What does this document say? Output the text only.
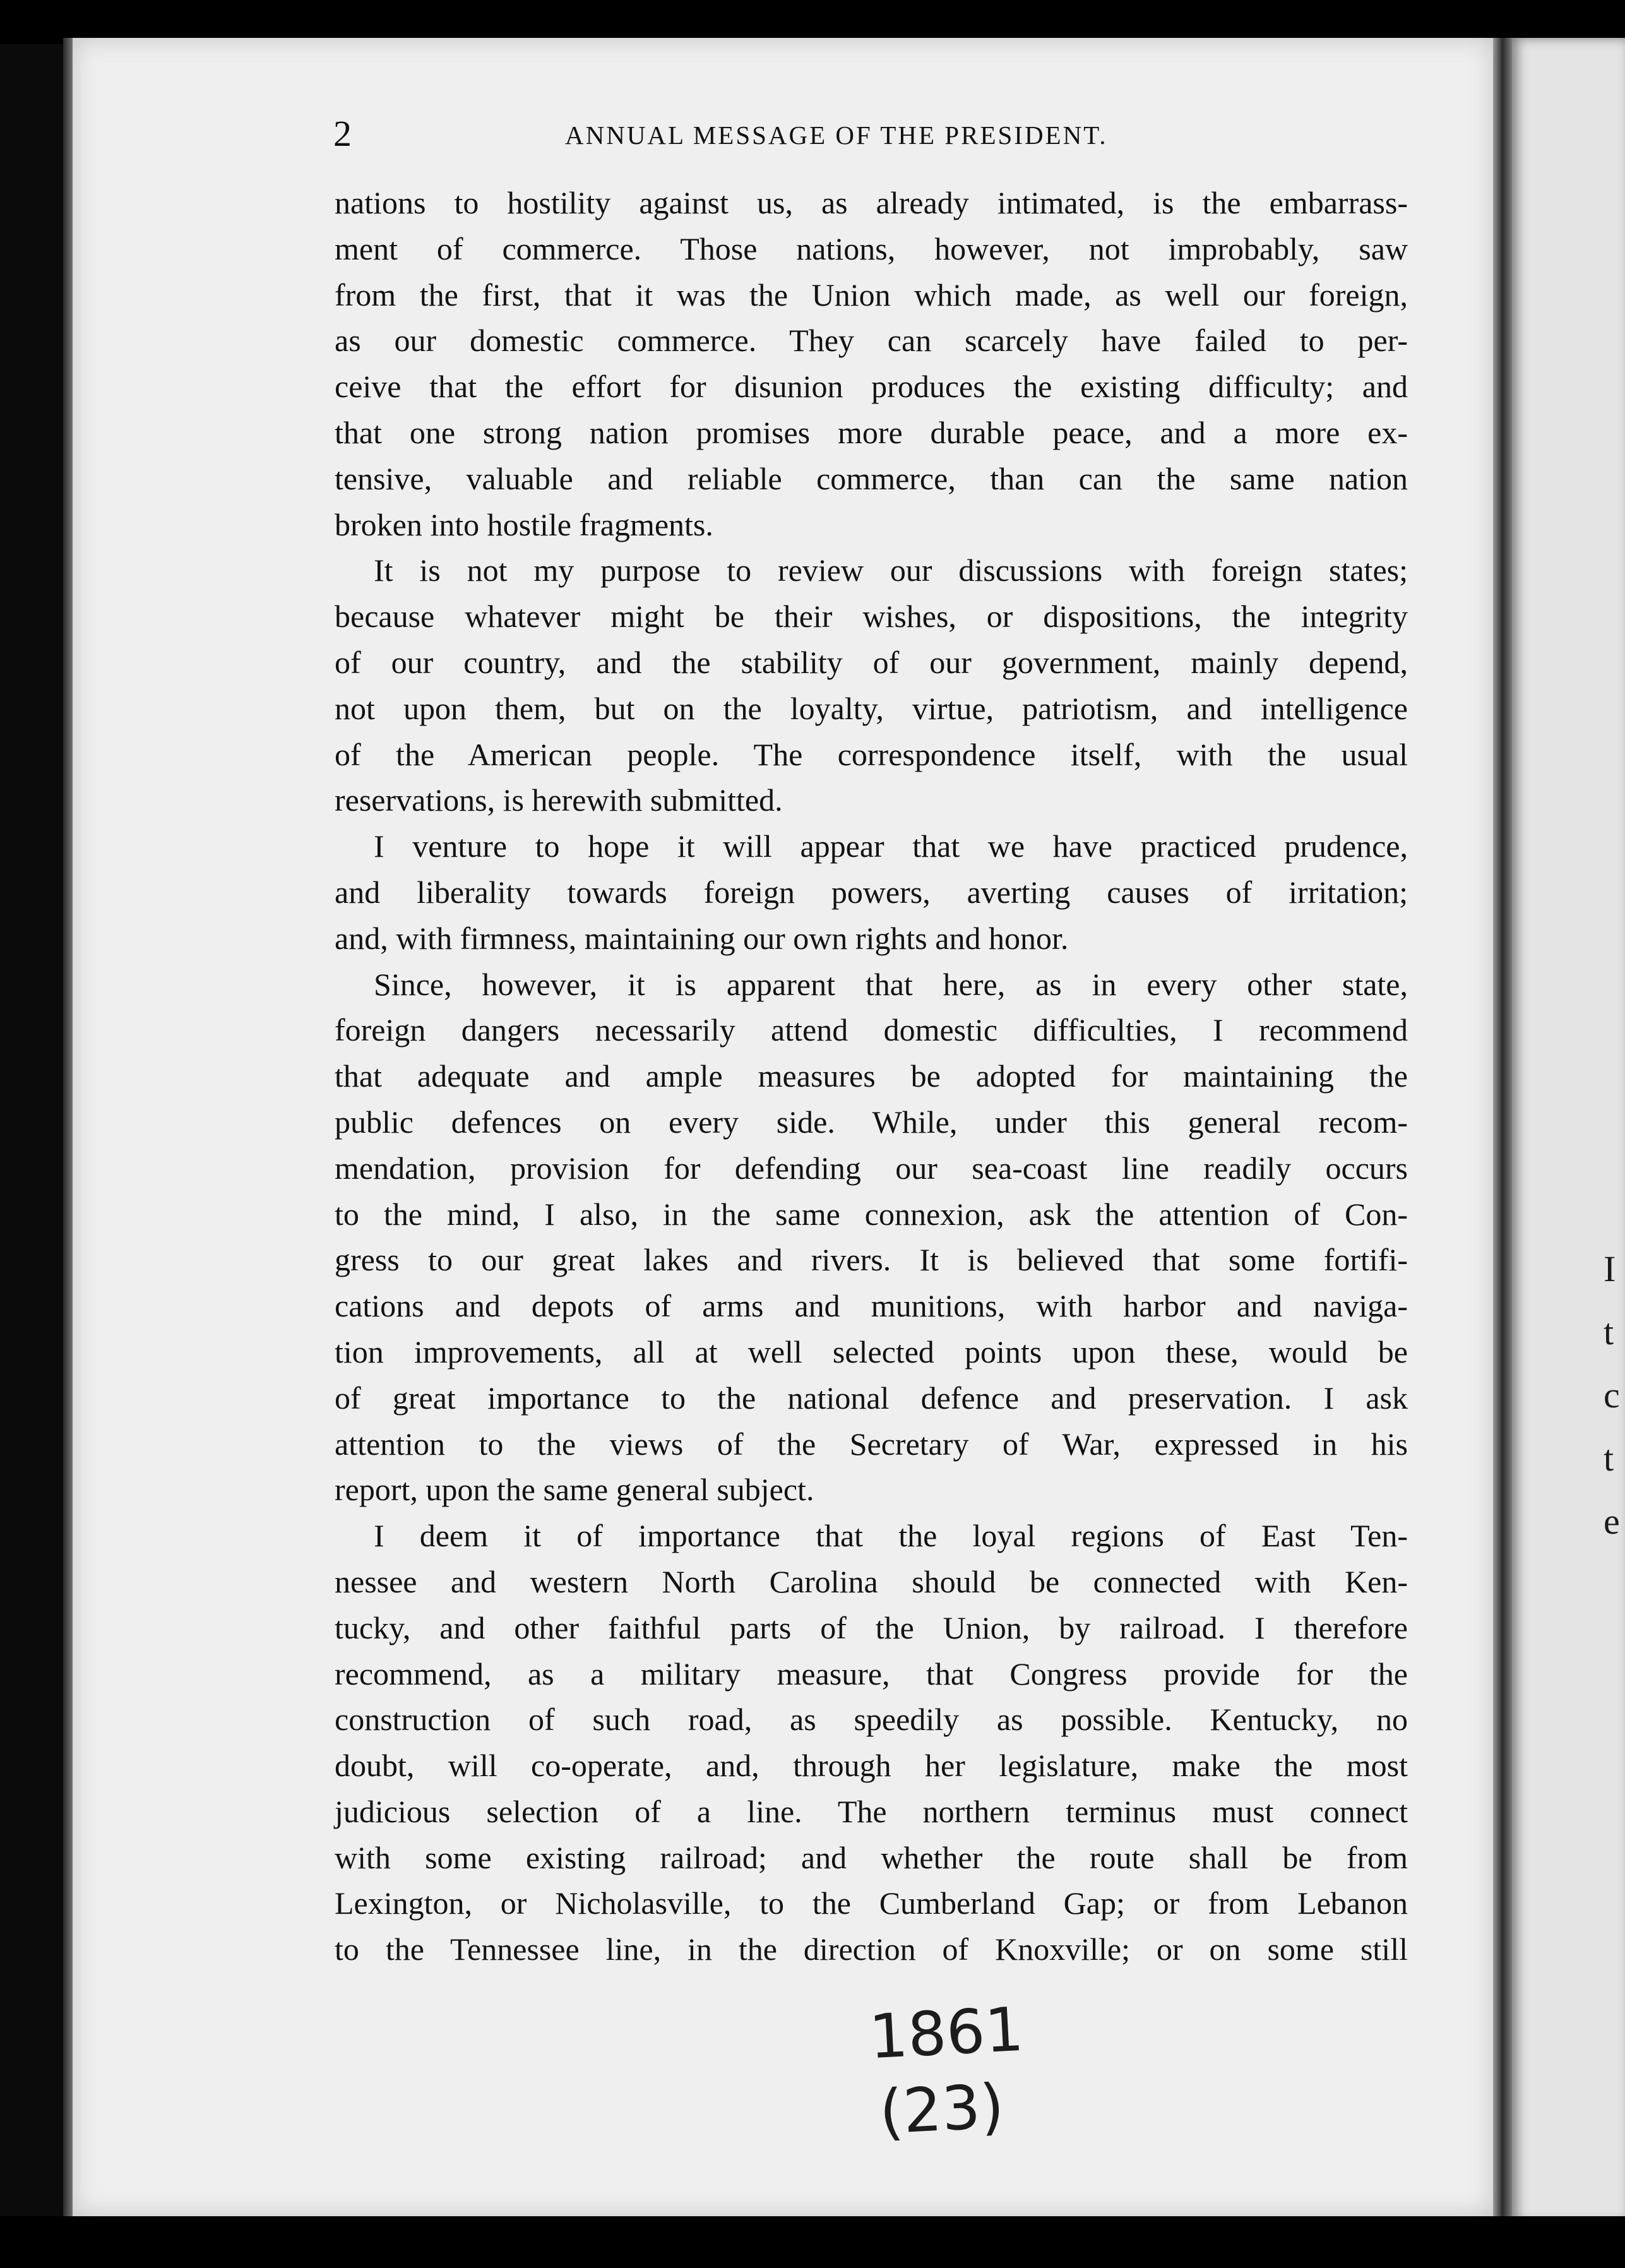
2	ANNUAL MESSAGE OF THE PRESIDENT.
nations to hostility against us, as already intimated, is the embarrass-
ment of commerce. Those nations, however, not improbably, saw
from the first, that it was the Union which made, as well our foreign,
as our domestic commerce. They can scarcely have failed to per-
ceive that the effort for disunion produces the existing difficulty; and
that one strong nation promises more durable peace, and a more ex-
tensive, valuable and reliable commerce, than can the same nation
broken into hostile fragments.
It is not my purpose to review our discussions with foreign states;
because whatever might be their wishes, or dispositions, the integrity
of our country, and the stability of our government, mainly depend,
not upon them, but on the loyalty, virtue, patriotism, and intelligence
of the American people. The correspondence itself, with the usual
reservations, is herewith submitted.
I venture to hope it will appear that we have practiced prudence,
and liberality towards foreign powers, averting causes of irritation;
and, with firmness, maintaining our own rights and honor.
Since, however, it is apparent that here, as in every other state,
foreign dangers necessarily attend domestic difficulties, I recommend
that adequate and ample measures be adopted for maintaining the
public defences on every side. While, under this general recom-
mendation, provision for defending our sea-coast line readily occurs
to the mind, I also, in the same connexion, ask the attention of Con-
gress to our great lakes and rivers. It is believed that some fortifi-
cations and depots of arms and munitions, with harbor and naviga-
tion improvements, all at well selected points upon these, would be
of great importance to the national defence and preservation. I ask
attention to the views of the Secretary of War, expressed in his
report, upon the same general subject.
I deem it of importance that the loyal regions of East Ten-
nessee and western North Carolina should be connected with Ken-
tucky, and other faithful parts of the Union, by railroad. I therefore
recommend, as a military measure, that Congress provide for the
construction of such road, as speedily as possible. Kentucky, no
doubt, will co-operate, and, through her legislature, make the most
judicious selection of a line. The northern terminus must connect
with some existing railroad; and whether the route shall be from
Lexington, or Nicholasville, to the Cumberland Gap; or from Lebanon
to the Tennessee line, in the direction of Knoxville; or on some still
1861
(23)
I
t
c
t
e
